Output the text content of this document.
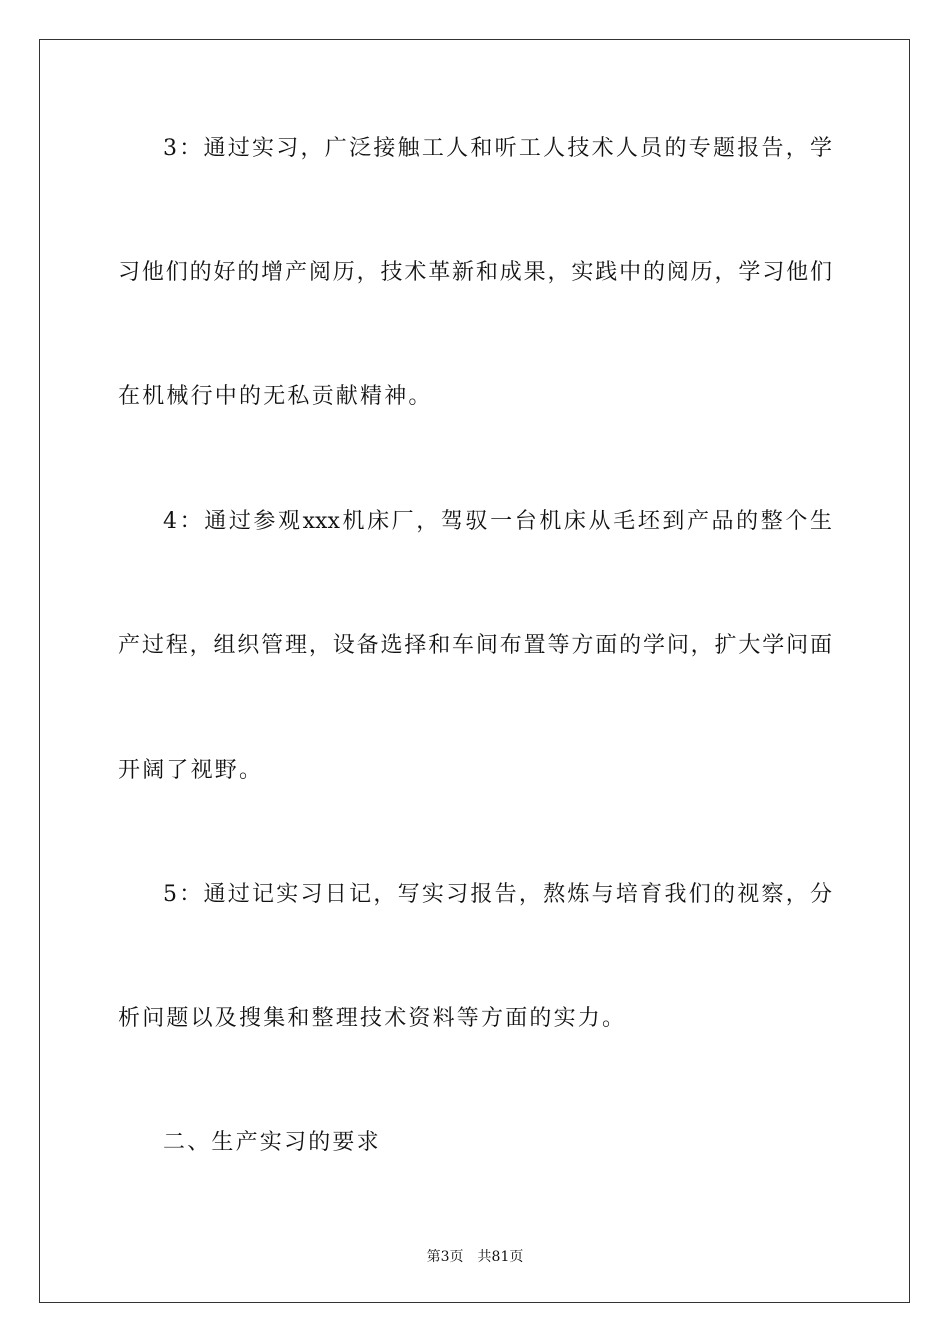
3：通过实习，广泛接触工人和听工人技术人员的专题报告，学
习他们的好的增产阅历，技术革新和成果，实践中的阅历，学习他们
在机械行中的无私贡献精神。
4：通过参观xxx机床厂，驾驭一台机床从毛坯到产品的整个生
产过程，组织管理，设备选择和车间布置等方面的学问，扩大学问面
开阔了视野。
5：通过记实习日记，写实习报告，熬炼与培育我们的视察，分
析问题以及搜集和整理技术资料等方面的实力。
二、生产实习的要求
第3页 共81页
